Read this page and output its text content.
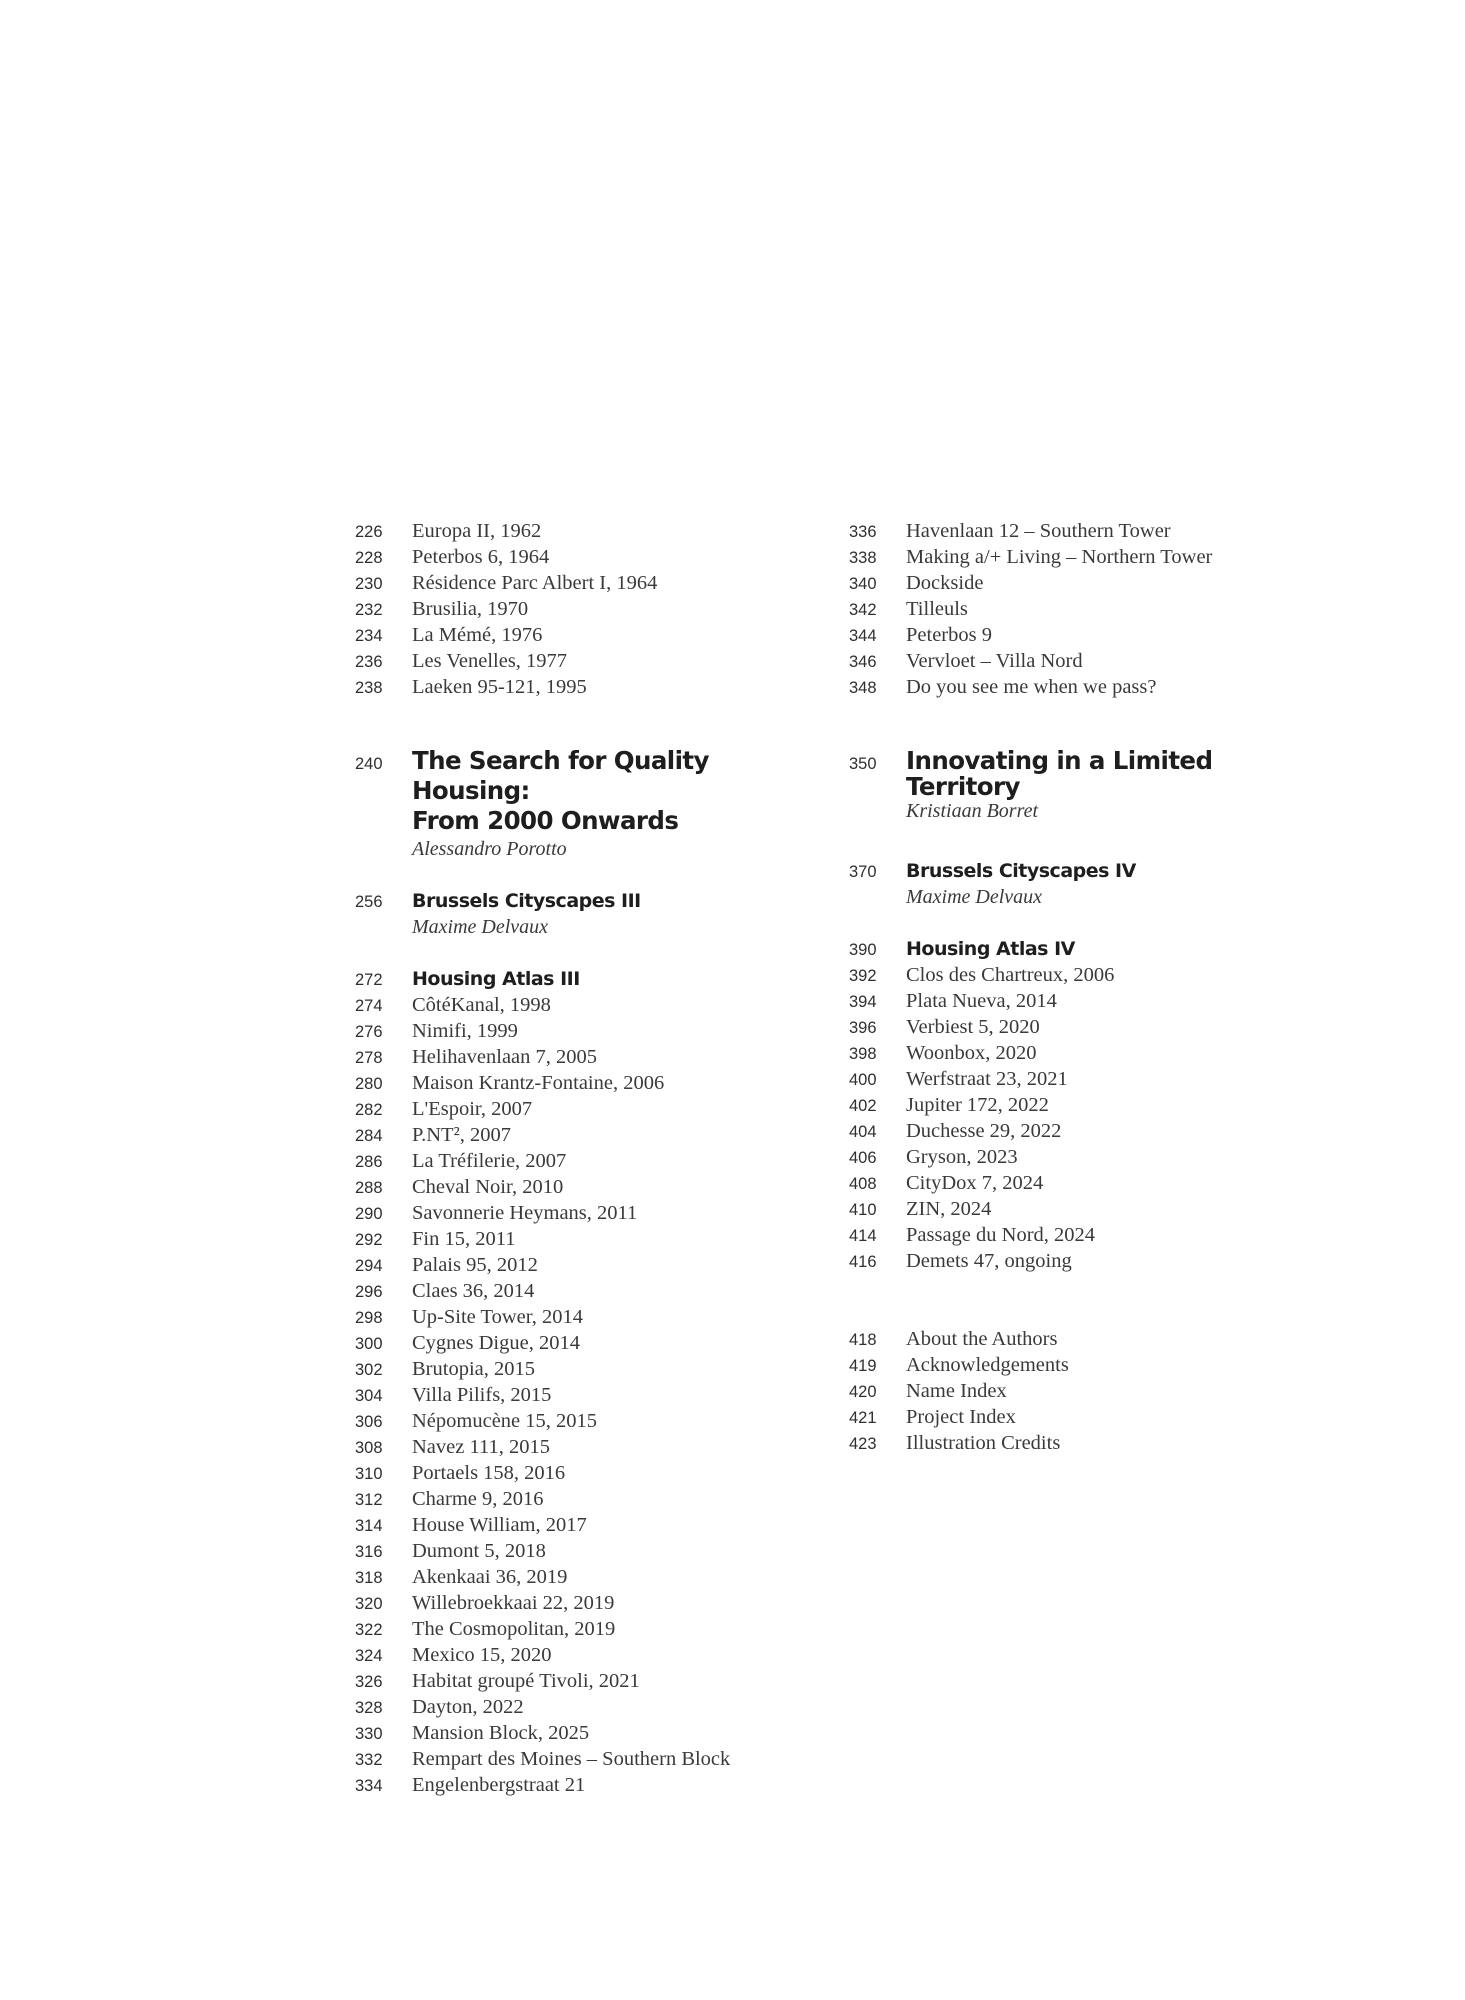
226	Europa II, 1962
228	Peterbos 6, 1964
230	Résidence Parc Albert I, 1964
232	Brusilia, 1970
234	La Mémé, 1976
236	Les Venelles, 1977
238	Laeken 95-121, 1995
240	The Search for Quality Housing:
From 2000 Onwards
Alessandro Porotto
256	Brussels Cityscapes III
Maxime Delvaux
272	Housing Atlas III
274	CôtéKanal, 1998
276	Nimifi, 1999
278	Helihavenlaan 7, 2005
280	Maison Krantz-Fontaine, 2006
282	L'Espoir, 2007
284	P.NT², 2007
286	La Tréfilerie, 2007
288	Cheval Noir, 2010
290	Savonnerie Heymans, 2011
292	Fin 15, 2011
294	Palais 95, 2012
296	Claes 36, 2014
298	Up-Site Tower, 2014
300	Cygnes Digue, 2014
302	Brutopia, 2015
304	Villa Pilifs, 2015
306	Népomucène 15, 2015
308	Navez 111, 2015
310	Portaels 158, 2016
312	Charme 9, 2016
314	House William, 2017
316	Dumont 5, 2018
318	Akenkaai 36, 2019
320	Willebroekkaai 22, 2019
322	The Cosmopolitan, 2019
324	Mexico 15, 2020
326	Habitat groupé Tivoli, 2021
328	Dayton, 2022
330	Mansion Block, 2025
332	Rempart des Moines – Southern Block
334	Engelenbergstraat 21
336	Havenlaan 12 – Southern Tower
338	Making a/+ Living – Northern Tower
340	Dockside
342	Tilleuls
344	Peterbos 9
346	Vervloet – Villa Nord
348	Do you see me when we pass?
350	Innovating in a Limited
Territory
Kristiaan Borret
370	Brussels Cityscapes IV
Maxime Delvaux
390	Housing Atlas IV
392	Clos des Chartreux, 2006
394	Plata Nueva, 2014
396	Verbiest 5, 2020
398	Woonbox, 2020
400	Werfstraat 23, 2021
402	Jupiter 172, 2022
404	Duchesse 29, 2022
406	Gryson, 2023
408	CityDox 7, 2024
410	ZIN, 2024
414	Passage du Nord, 2024
416	Demets 47, ongoing
418	About the Authors
419	Acknowledgements
420	Name Index
421	Project Index
423	Illustration Credits
